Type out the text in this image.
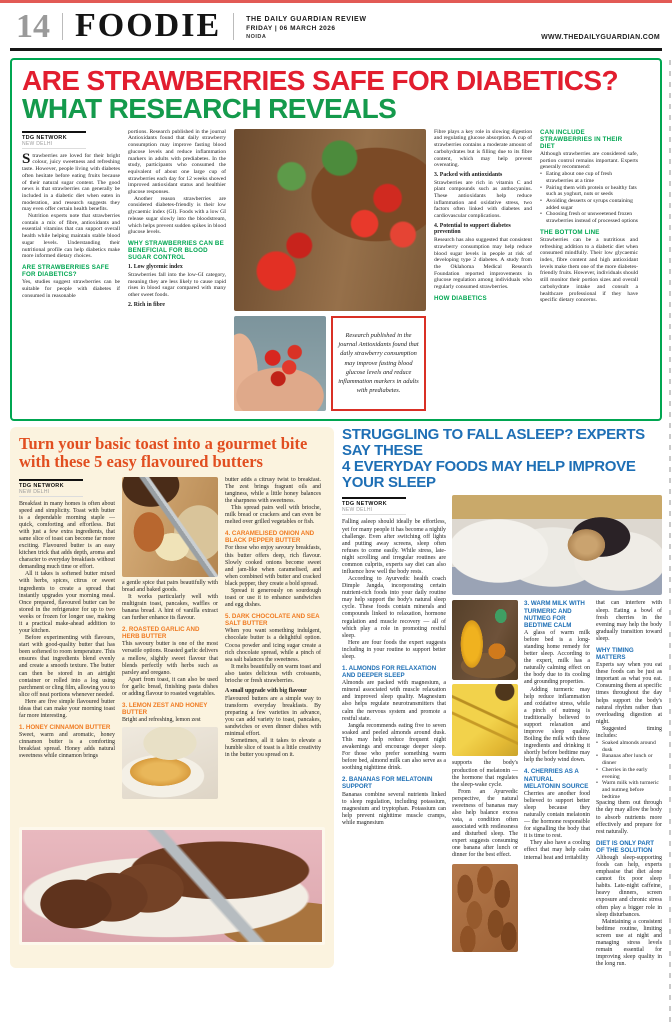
14 FOODIE	THE DAILY GUARDIAN REVIEW
FRIDAY | 06 MARCH 2026
NOIDA	WWW.THEDAILYGUARDIAN.COM
ARE STRAWBERRIES SAFE FOR DIABETICS?
WHAT RESEARCH REVEALS
TDG NETWORK
NEW DELHI

Strawberries are loved for their bright colour, juicy sweetness and refreshing taste. However, people living with diabetes often hesitate before eating fruits because of their natural sugar content. The good news is that strawberries can generally be included in a diabetic diet when eaten in moderation, and research suggests they may even offer certain health benefits.

Nutrition experts note that strawberries contain a mix of fibre, antioxidants and essential vitamins that can support overall health while helping maintain stable blood sugar levels. Understanding their nutritional profile can help diabetics make more informed dietary choices.

ARE STRAWBERRIES SAFE FOR DIABETICS?

Yes, studies suggest strawberries can be suitable for people with diabetes if consumed in reasonable

portions. Research published in the journal Antioxidants found that daily strawberry consumption may improve fasting blood glucose levels and reduce inflammation markers in adults with prediabetes. In the study, participants who consumed the equivalent of about one large cup of strawberries each day for 12 weeks showed improved antioxidant status and healthier glucose responses.

Another reason strawberries are considered diabetes-friendly is their low glycaemic index (GI). Foods with a low GI release sugar slowly into the bloodstream, which helps prevent sudden spikes in blood glucose levels.

WHY STRAWBERRIES CAN BE BENEFICIAL FOR BLOOD SUGAR CONTROL
1. Low glycemic index

Strawberries fall into the low-GI category, meaning they are less likely to cause rapid rises in blood sugar compared with many other sweet foods.

2. Rich in fibre

Research published in the journal Antioxidants found that daily strawberry consumption may improve fasting blood glucose levels and reduce inflammation markers in adults with prediabetes.

Fibre plays a key role in slowing digestion and regulating glucose absorption. A cup of strawberries contains a moderate amount of carbohydrates but is filling due to its fibre content, which may help prevent overeating.

3. Packed with antioxidants

Strawberries are rich in vitamin C and plant compounds such as anthocyanins. These antioxidants help reduce inflammation and oxidative stress, two factors often linked with diabetes and cardiovascular complications.

4. Potential to support diabetes prevention

Research has also suggested that consistent strawberry consumption may help reduce blood sugar levels in people at risk of developing type 2 diabetes. A study from the Oklahoma Medical Research Foundation reported improvements in glucose regulation among individuals who regularly consumed strawberries.

HOW DIABETICS
CAN INCLUDE STRAWBERRIES IN THEIR DIET

Although strawberries are considered safe, portion control remains important. Experts generally recommend:

• Eating about one cup of fresh strawberries at a time
• Pairing them with protein or healthy fats such as yoghurt, nuts or seeds
• Avoiding desserts or syrups containing added sugar
• Choosing fresh or unsweetened frozen strawberries instead of processed options
THE BOTTOM LINE

Strawberries can be a nutritious and refreshing addition to a diabetic diet when consumed mindfully. Their low glycaemic index, fibre content and high antioxidant levels make them one of the more diabetes-friendly fruits. However, individuals should still monitor their portion sizes and overall carbohydrate intake and consult a healthcare professional if they have specific dietary concerns.

Turn your basic toast into a gourmet bite with these 5 easy flavoured butters
TDG NETWORK
NEW DELHI

Breakfast in many homes is often about speed and simplicity. Toast with butter is a dependable morning staple — quick, comforting and effortless. But with just a few extra ingredients, that same slice of toast can become far more exciting. Flavoured butter is an easy kitchen trick that adds depth, aroma and character to everyday breakfasts without demanding much time or effort.

All it takes is softened butter mixed with herbs, spices, citrus or sweet ingredients to create a spread that instantly upgrades your morning meal. Once prepared, flavoured butter can be stored in the refrigerator for up to two weeks or frozen for longer use, making it a practical make-ahead addition to your kitchen.

Before experimenting with flavours, start with good-quality butter that has been softened to room temperature. This ensures that ingredients blend evenly and create a smooth texture. The butter can then be stored in an airtight container or rolled into a log using parchment or cling film, allowing you to slice off neat portions whenever needed.

Here are five simple flavoured butter ideas that can make your morning toast far more interesting.

1. HONEY CINNAMON BUTTER

Sweet, warm and aromatic, honey cinnamon butter is a comforting breakfast spread. Honey adds natural sweetness while cinnamon brings

a gentle spice that pairs beautifully with bread and baked goods.

It works particularly well with multigrain toast, pancakes, waffles or banana bread. A hint of vanilla extract can further enhance its flavour.

2. ROASTED GARLIC AND HERB BUTTER

This savoury butter is one of the most versatile options. Roasted garlic delivers a mellow, slightly sweet flavour that blends perfectly with herbs such as parsley and oregano.

Apart from toast, it can also be used for garlic bread, finishing pasta dishes or adding flavour to roasted vegetables.

3. LEMON ZEST AND HONEY BUTTER

Bright and refreshing, lemon zest

butter adds a citrusy twist to breakfast. The zest brings fragrant oils and tanginess, while a little honey balances the sharpness with sweetness.

This spread pairs well with brioche, milk bread or crackers and can even be melted over grilled vegetables or fish.

4. CARAMELISED ONION AND BLACK PEPPER BUTTER

For those who enjoy savoury breakfasts, this butter offers deep, rich flavour. Slowly cooked onions become sweet and jam-like when caramelised, and when combined with butter and cracked black pepper, they create a bold spread.

Spread it generously on sourdough toast or use it to enhance sandwiches and egg dishes.

5. DARK CHOCOLATE AND SEA SALT BUTTER

When you want something indulgent, chocolate butter is a delightful option. Cocoa powder and icing sugar create a rich chocolate spread, while a pinch of sea salt balances the sweetness.

It melts beautifully on warm toast and also tastes delicious with croissants, brioche or fresh strawberries.

A small upgrade with big flavour

Flavoured butters are a simple way to transform everyday breakfasts. By preparing a few varieties in advance, you can add variety to toast, pancakes, sandwiches or even dinner dishes with minimal effort.

Sometimes, all it takes to elevate a humble slice of toast is a little creativity in the butter you spread on it.

STRUGGLING TO FALL ASLEEP? EXPERTS SAY THESE
4 EVERYDAY FOODS MAY HELP IMPROVE YOUR SLEEP
TDG NETWORK
NEW DELHI

Falling asleep should ideally be effortless, yet for many people it has become a nightly challenge. Even after switching off lights and putting away screens, sleep often refuses to come easily. While stress, late-night scrolling and irregular routines are common culprits, experts say diet can also influence how well the body rests.

According to Ayurvedic health coach Dimple Jangda, incorporating certain nutrient-rich foods into your daily routine may help support the body's natural sleep cycle. These foods contain minerals and compounds linked to relaxation, hormone regulation and muscle recovery — all of which play a role in promoting restful sleep.

Here are four foods the expert suggests including in your routine to support better sleep.

1. ALMONDS FOR RELAXATION AND DEEPER SLEEP

Almonds are packed with magnesium, a mineral associated with muscle relaxation and improved sleep quality. Magnesium also helps regulate neurotransmitters that calm the nervous system and promote a restful state.

Jangda recommends eating five to seven soaked and peeled almonds around dusk. This may help reduce frequent night awakenings and encourage deeper sleep. For those who prefer something warm before bed, almond milk can also serve as a soothing nighttime drink.

2. BANANAS FOR MELATONIN SUPPORT

Bananas combine several nutrients linked to sleep regulation, including potassium, magnesium and tryptophan. Potassium can help prevent nighttime muscle cramps, while magnesium

supports the body's production of melatonin — the hormone that regulates the sleep-wake cycle.

From an Ayurvedic perspective, the natural sweetness of bananas may also help balance excess vata, a condition often associated with restlessness and disturbed sleep. The expert suggests consuming one banana after lunch or dinner for the best effect.

3. WARM MILK WITH TURMERIC AND NUTMEG FOR BEDTIME CALM

A glass of warm milk before bed is a long-standing home remedy for better sleep. According to the expert, milk has a naturally calming effect on the body due to its cooling and grounding properties.

Adding turmeric may help reduce inflammation and oxidative stress, while a pinch of nutmeg is traditionally believed to support relaxation and improve sleep quality. Boiling the milk with these ingredients and drinking it shortly before bedtime may help the body wind down.

4. CHERRIES AS A NATURAL MELATONIN SOURCE

Cherries are another food believed to support better sleep because they naturally contain melatonin — the hormone responsible for signalling the body that it is time to rest.

They also have a cooling effect that may help calm internal heat and irritability

that can interfere with sleep. Eating a bowl of fresh cherries in the evening may help the body gradually transition toward sleep.

WHY TIMING MATTERS

Experts say when you eat these foods can be just as important as what you eat. Consuming them at specific times throughout the day helps support the body's natural rhythm rather than overloading digestion at night.

Suggested timing includes:

• Soaked almonds around dusk
• Bananas after lunch or dinner
• Cherries in the early evening
• Warm milk with turmeric and nutmeg before bedtime

Spacing them out through the day may allow the body to absorb nutrients more effectively and prepare for rest naturally.

DIET IS ONLY PART OF THE SOLUTION

Although sleep-supporting foods can help, experts emphasise that diet alone cannot fix poor sleep habits. Late-night caffeine, heavy dinners, screen exposure and chronic stress often play a bigger role in sleep disturbances.

Maintaining a consistent bedtime routine, limiting screen use at night and managing stress levels remain essential for improving sleep quality in the long run.
